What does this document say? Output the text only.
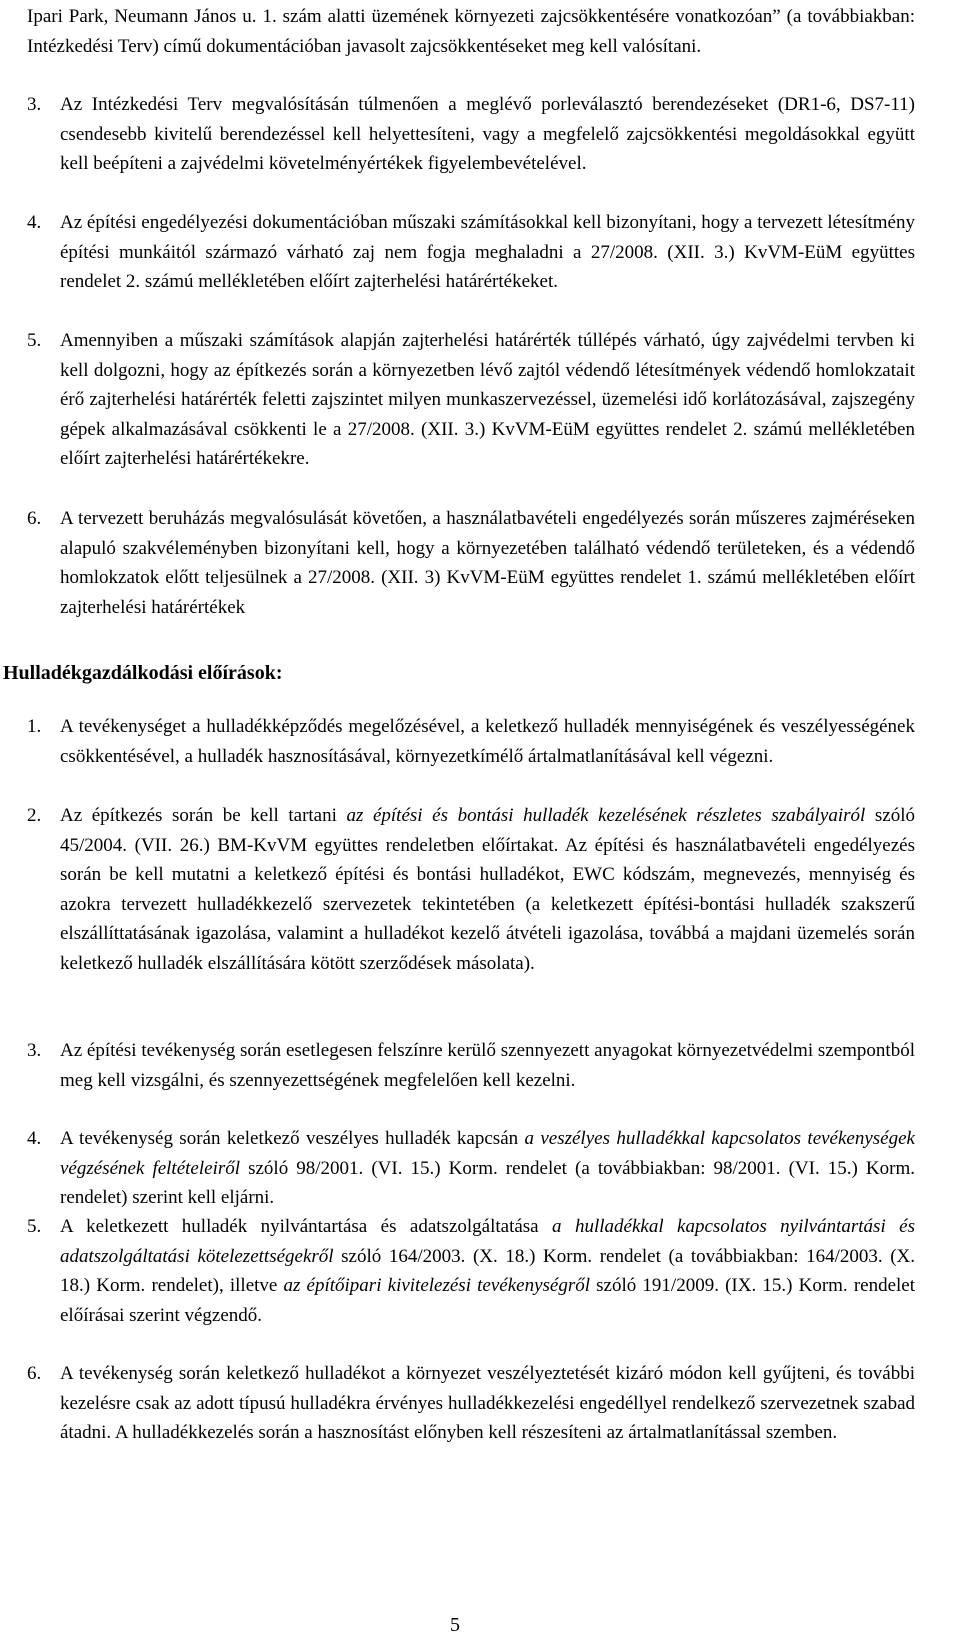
Ipari Park, Neumann János u. 1. szám alatti üzemének környezeti zajcsökkentésére vonatkozóan” (a továbbiakban: Intézkedési Terv) című dokumentációban javasolt zajcsökkentéseket meg kell valósítani.
3. Az Intézkedési Terv megvalósításán túlmenően a meglévő porleválasztó berendezéseket (DR1-6, DS7-11) csendesebb kivitelű berendezéssel kell helyettesíteni, vagy a megfelelő zajcsökkentési megoldásokkal együtt kell beépíteni a zajvédelmi követelményértékek figyelembevételével.
4. Az építési engedélyezési dokumentációban műszaki számításokkal kell bizonyítani, hogy a tervezett létesítmény építési munkáitól származó várható zaj nem fogja meghaladni a 27/2008. (XII. 3.) KvVM-EüM együttes rendelet 2. számú mellékletében előírt zajterhelési határértékeket.
5. Amennyiben a műszaki számítások alapján zajterhelési határérték túllépés várható, úgy zajvédelmi tervben ki kell dolgozni, hogy az építkezés során a környezetben lévő zajtól védendő létesítmények védendő homlokzatait érő zajterhelési határérték feletti zajszintet milyen munkaszervezéssel, üzemelési idő korlátozásával, zajszegény gépek alkalmazásával csökkenti le a 27/2008. (XII. 3.) KvVM-EüM együttes rendelet 2. számú mellékletében előírt zajterhelési határértékekre.
6. A tervezett beruházás megvalósulását követően, a használatbavételi engedélyezés során műszeres zajméréseken alapuló szakvéleményben bizonyítani kell, hogy a környezetében található védendő területeken, és a védendő homlokzatok előtt teljesülnek a 27/2008. (XII. 3) KvVM-EüM együttes rendelet 1. számú mellékletében előírt zajterhelési határértékek
Hulladékgazdálkodási előírások:
1. A tevékenységet a hulladékképződés megelőzésével, a keletkező hulladék mennyiségének és veszélyességének csökkentésével, a hulladék hasznosításával, környezetkímélő ártalmatlanításával kell végezni.
2. Az építkezés során be kell tartani az építési és bontási hulladék kezelésének részletes szabályairól szóló 45/2004. (VII. 26.) BM-KvVM együttes rendeletben előírtakat. Az építési és használatbavételi engedélyezés során be kell mutatni a keletkező építési és bontási hulladékot, EWC kódszám, megnevezés, mennyiség és azokra tervezett hulladékkezelő szervezetek tekintetében (a keletkezett építési-bontási hulladék szakszerű elszállíttatásának igazolása, valamint a hulladékot kezelő átvételi igazolása, továbbá a majdani üzemelés során keletkező hulladék elszállítására kötött szerződések másolata).
3. Az építési tevékenység során esetlegesen felszínre kerülő szennyezett anyagokat környezetvédelmi szempontból meg kell vizsgálni, és szennyezettségének megfelelően kell kezelni.
4. A tevékenység során keletkező veszélyes hulladék kapcsán a veszélyes hulladékkal kapcsolatos tevékenységek végzésének feltételeiről szóló 98/2001. (VI. 15.) Korm. rendelet (a továbbiakban: 98/2001. (VI. 15.) Korm. rendelet) szerint kell eljárni.
5. A keletkezett hulladék nyilvántartása és adatszolgáltatása a hulladékkal kapcsolatos nyilvántartási és adatszolgáltatási kötelezettségekről szóló 164/2003. (X. 18.) Korm. rendelet (a továbbiakban: 164/2003. (X. 18.) Korm. rendelet), illetve az építőipari kivitelezési tevékenységről szóló 191/2009. (IX. 15.) Korm. rendelet előírásai szerint végzendő.
6. A tevékenység során keletkező hulladékot a környezet veszélyeztetését kizáró módon kell gyűjteni, és további kezelésre csak az adott típusú hulladékra érvényes hulladékkezelési engedéllyel rendelkező szervezetnek szabad átadni. A hulladékkezelés során a hasznosítást előnyben kell részesíteni az ártalmatlanítással szemben.
5
